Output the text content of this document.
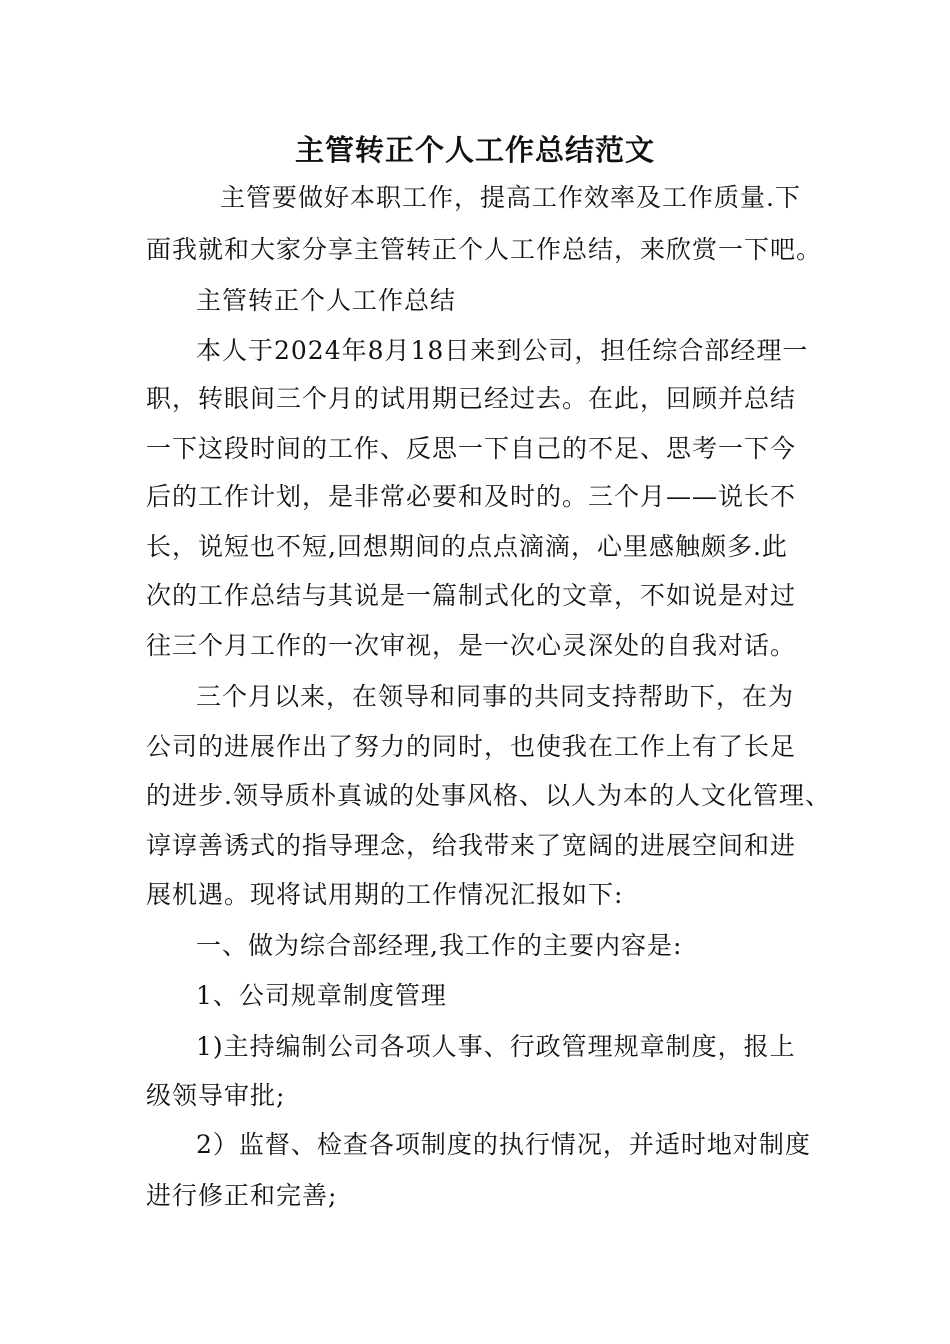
主管转正个人工作总结范文
主管要做好本职工作，提高工作效率及工作质量.下
面我就和大家分享主管转正个人工作总结，来欣赏一下吧。
主管转正个人工作总结
本人于2024年8月18日来到公司，担任综合部经理一
职，转眼间三个月的试用期已经过去。在此，回顾并总结
一下这段时间的工作、反思一下自己的不足、思考一下今
后的工作计划，是非常必要和及时的。三个月——说长不
长，说短也不短,回想期间的点点滴滴，心里感触颇多.此
次的工作总结与其说是一篇制式化的文章，不如说是对过
往三个月工作的一次审视，是一次心灵深处的自我对话。
三个月以来，在领导和同事的共同支持帮助下，在为
公司的进展作出了努力的同时，也使我在工作上有了长足
的进步.领导质朴真诚的处事风格、以人为本的人文化管理、
谆谆善诱式的指导理念，给我带来了宽阔的进展空间和进
展机遇。现将试用期的工作情况汇报如下:
一、做为综合部经理,我工作的主要内容是:
1、公司规章制度管理
1)主持编制公司各项人事、行政管理规章制度，报上
级领导审批;
2）监督、检查各项制度的执行情况，并适时地对制度
进行修正和完善;
